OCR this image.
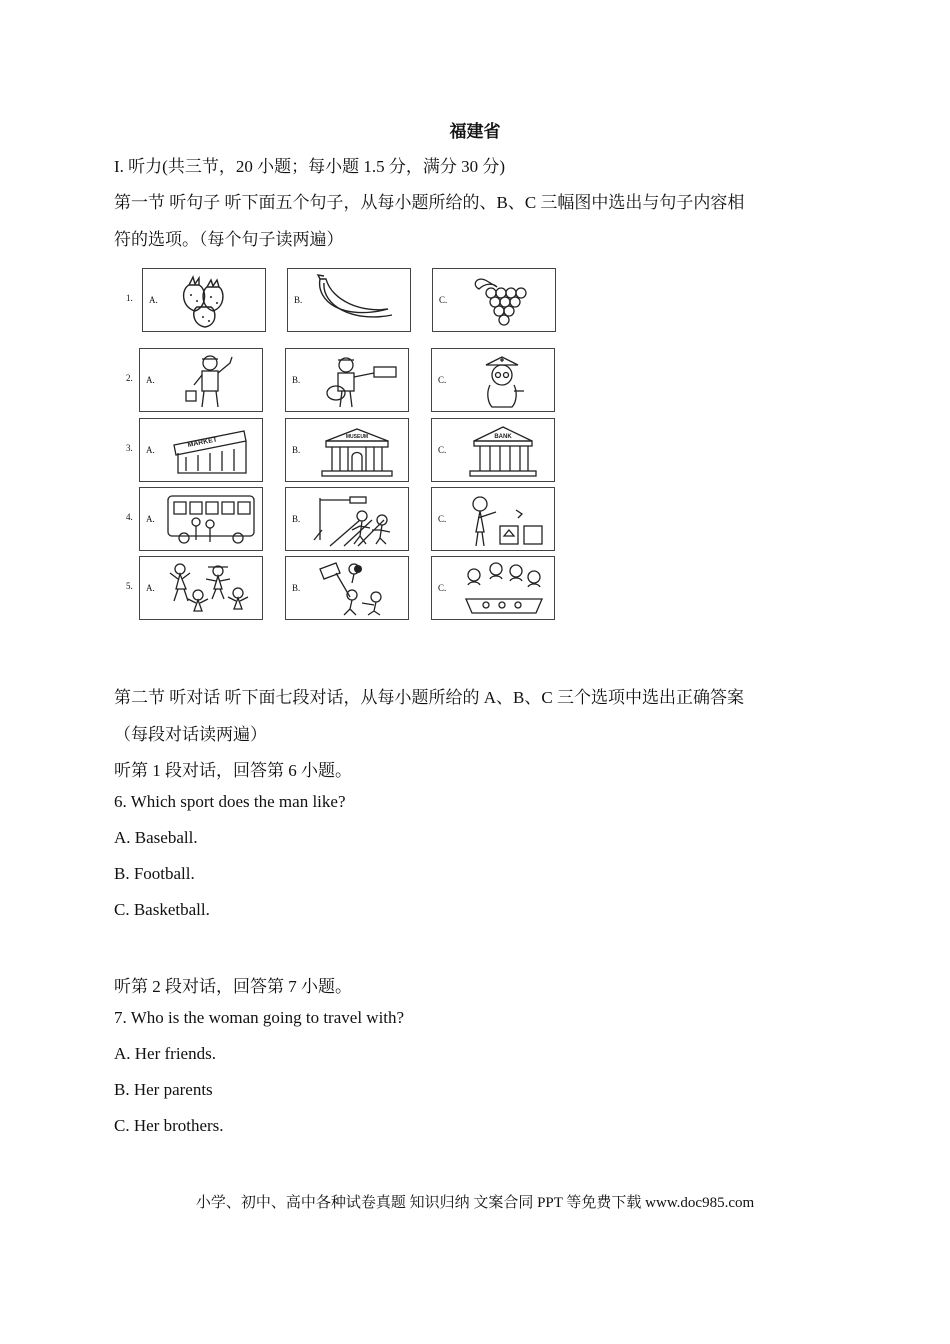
福建省
I. 听力(共三节，20 小题；每小题 1.5 分，满分 30 分)
第一节 听句子 听下面五个句子，从每小题所给的、B、C 三幅图中选出与句子内容相
符的选项。（每个句子读两遍）
1. A.	B.	C.
2. A.	B.	C.
3. A.
MARKET
B.
MUSEUM
C.
BANK
4. A.	B.	C.
5. A.	B.	C.
第二节 听对话 听下面七段对话，从每小题所给的 A、B、C 三个选项中选出正确答案
（每段对话读两遍）
听第 1 段对话，回答第 6 小题。
6. Which sport does the man like?
A. Baseball.
B. Football.
C. Basketball.
听第 2 段对话，回答第 7 小题。
7. Who is the woman going to travel with?
A. Her friends.
B. Her parents
C. Her brothers.
小学、初中、高中各种试卷真题 知识归纳 文案合同 PPT 等免费下载 www.doc985.com
